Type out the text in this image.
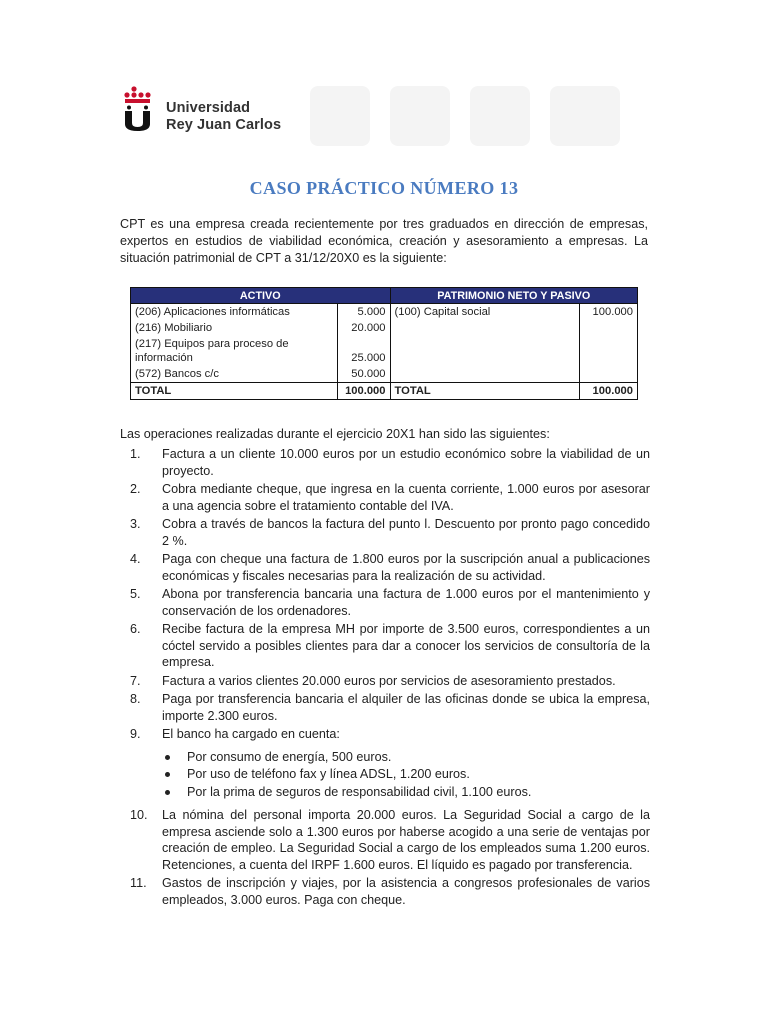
Universidad
Rey Juan Carlos
CASO PRÁCTICO NÚMERO 13
CPT es una empresa creada recientemente por tres graduados en dirección de empresas, expertos en estudios de viabilidad económica, creación y asesoramiento a empresas. La situación patrimonial de CPT a 31/12/20X0 es la siguiente:
ACTIVO		PATRIMONIO NETO Y PASIVO	
(206) Aplicaciones informáticas	5.000	(100) Capital social	100.000
(216) Mobiliario	20.000		
(217) Equipos para proceso de información	25.000		
(572) Bancos c/c	50.000		
TOTAL	100.000	TOTAL	100.000
Las operaciones realizadas durante el ejercicio 20X1 han sido las siguientes:
1. Factura a un cliente 10.000 euros por un estudio económico sobre la viabilidad de un proyecto.
2. Cobra mediante cheque, que ingresa en la cuenta corriente, 1.000 euros por asesorar a una agencia sobre el tratamiento contable del IVA.
3. Cobra a través de bancos la factura del punto l. Descuento por pronto pago concedido 2 %.
4. Paga con cheque una factura de 1.800 euros por la suscripción anual a publicaciones económicas y fiscales necesarias para la realización de su actividad.
5. Abona por transferencia bancaria una factura de 1.000 euros por el mantenimiento y conservación de los ordenadores.
6. Recibe factura de la empresa MH por importe de 3.500 euros, correspondientes a un cóctel servido a posibles clientes para dar a conocer los servicios de consultoría de la empresa.
7. Factura a varios clientes 20.000 euros por servicios de asesoramiento prestados.
8. Paga por transferencia bancaria el alquiler de las oficinas donde se ubica la empresa, importe 2.300 euros.
9. El banco ha cargado en cuenta:
Por consumo de energía, 500 euros.
Por uso de teléfono fax y línea ADSL, 1.200 euros.
Por la prima de seguros de responsabilidad civil, 1.100 euros.
10. La nómina del personal importa 20.000 euros. La Seguridad Social a cargo de la empresa asciende solo a 1.300 euros por haberse acogido a una serie de ventajas por creación de empleo. La Seguridad Social a cargo de los empleados suma 1.200 euros. Retenciones, a cuenta del IRPF 1.600 euros. El líquido es pagado por transferencia.
11. Gastos de inscripción y viajes, por la asistencia a congresos profesionales de varios empleados, 3.000 euros. Paga con cheque.
